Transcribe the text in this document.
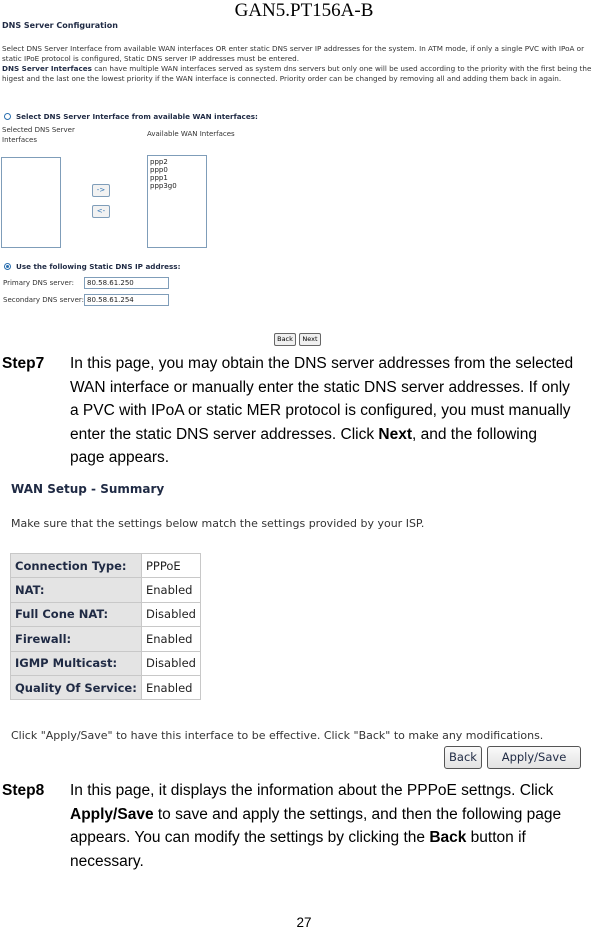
GAN5.PT156A-B
DNS Server Configuration
Select DNS Server Interface from available WAN interfaces OR enter static DNS server IP addresses for the system. In ATM mode, if only a single PVC with IPoA or static IPoE protocol is configured, Static DNS server IP addresses must be entered.
DNS Server Interfaces can have multiple WAN interfaces served as system dns servers but only one will be used according to the priority with the first being the higest and the last one the lowest priority if the WAN interface is connected. Priority order can be changed by removing all and adding them back in again.
Select DNS Server Interface from available WAN interfaces:
Selected DNS Server Interfaces
Available WAN Interfaces
->
<-
ppp2
ppp0
ppp1
ppp3g0
Use the following Static DNS IP address:
Primary DNS server:	80.58.61.250
Secondary DNS server: 80.58.61.254
Back	Next
Step7 In this page, you may obtain the DNS server addresses from the selected
WAN interface or manually enter the static DNS server addresses. If only
a PVC with IPoA or static MER protocol is configured, you must manually
enter the static DNS server addresses. Click Next, and the following
page appears.
WAN Setup - Summary
Make sure that the settings below match the settings provided by your ISP.
Connection Type:	PPPoE
NAT:	Enabled
Full Cone NAT:	Disabled
Firewall:	Enabled
IGMP Multicast:	Disabled
Quality Of Service:	Enabled
Click "Apply/Save" to have this interface to be effective. Click "Back" to make any modifications.
Back	Apply/Save
Step8 In this page, it displays the information about the PPPoE settngs. Click
Apply/Save to save and apply the settings, and then the following page
appears. You can modify the settings by clicking the Back button if
necessary.
27
